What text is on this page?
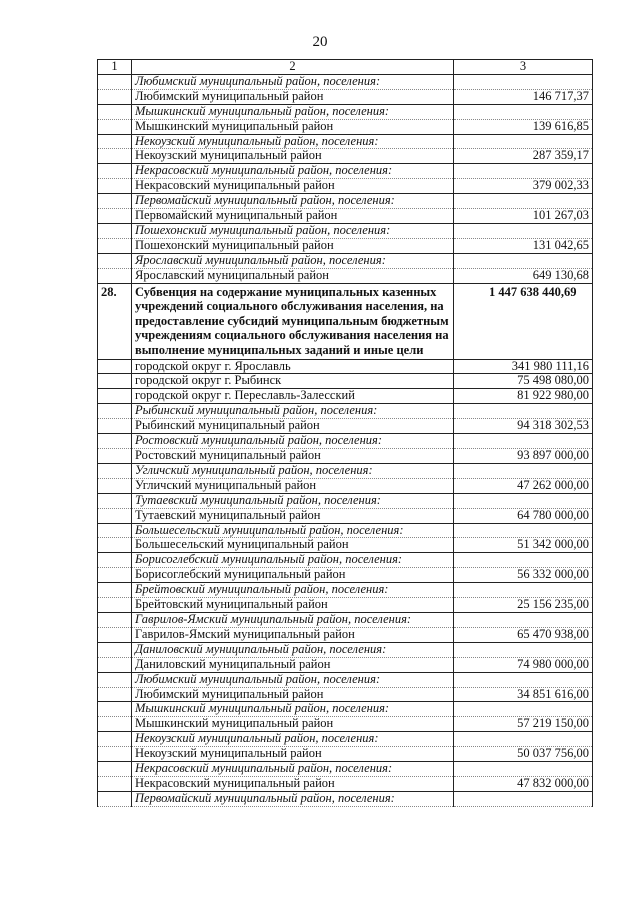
20
1	2	3
	Любимский муниципальный район, поселения:	
	Любимский муниципальный район	146 717,37
	Мышкинский муниципальный район, поселения:	
	Мышкинский муниципальный район	139 616,85
	Некоузский муниципальный район, поселения:	
	Некоузский муниципальный район	287 359,17
	Некрасовский муниципальный район, поселения:	
	Некрасовский муниципальный район	379 002,33
	Первомайский муниципальный район, поселения:	
	Первомайский муниципальный район	101 267,03
	Пошехонский муниципальный район, поселения:	
	Пошехонский муниципальный район	131 042,65
	Ярославский муниципальный район, поселения:	
	Ярославский муниципальный район	649 130,68
28.	Субвенция на содержание муниципальных казенных учреждений социального обслуживания населения, на предоставление субсидий муниципальным бюджетным учреждениям социального обслуживания населения на выполнение муниципальных заданий и иные цели	1 447 638 440,69
	городской округ г. Ярославль	341 980 111,16
	городской округ г. Рыбинск	75 498 080,00
	городской округ г. Переславль-Залесский	81 922 980,00
	Рыбинский муниципальный район, поселения:	
	Рыбинский муниципальный район	94 318 302,53
	Ростовский муниципальный район, поселения:	
	Ростовский муниципальный район	93 897 000,00
	Угличский муниципальный район, поселения:	
	Угличский муниципальный район	47 262 000,00
	Тутаевский муниципальный район, поселения:	
	Тутаевский муниципальный район	64 780 000,00
	Большесельский муниципальный район, поселения:	
	Большесельский муниципальный район	51 342 000,00
	Борисоглебский муниципальный район, поселения:	
	Борисоглебский муниципальный район	56 332 000,00
	Брейтовский муниципальный район, поселения:	
	Брейтовский муниципальный район	25 156 235,00
	Гаврилов-Ямский муниципальный район, поселения:	
	Гаврилов-Ямский муниципальный район	65 470 938,00
	Даниловский муниципальный район, поселения:	
	Даниловский муниципальный район	74 980 000,00
	Любимский муниципальный район, поселения:	
	Любимский муниципальный район	34 851 616,00
	Мышкинский муниципальный район, поселения:	
	Мышкинский муниципальный район	57 219 150,00
	Некоузский муниципальный район, поселения:	
	Некоузский муниципальный район	50 037 756,00
	Некрасовский муниципальный район, поселения:	
	Некрасовский муниципальный район	47 832 000,00
	Первомайский муниципальный район, поселения:	
